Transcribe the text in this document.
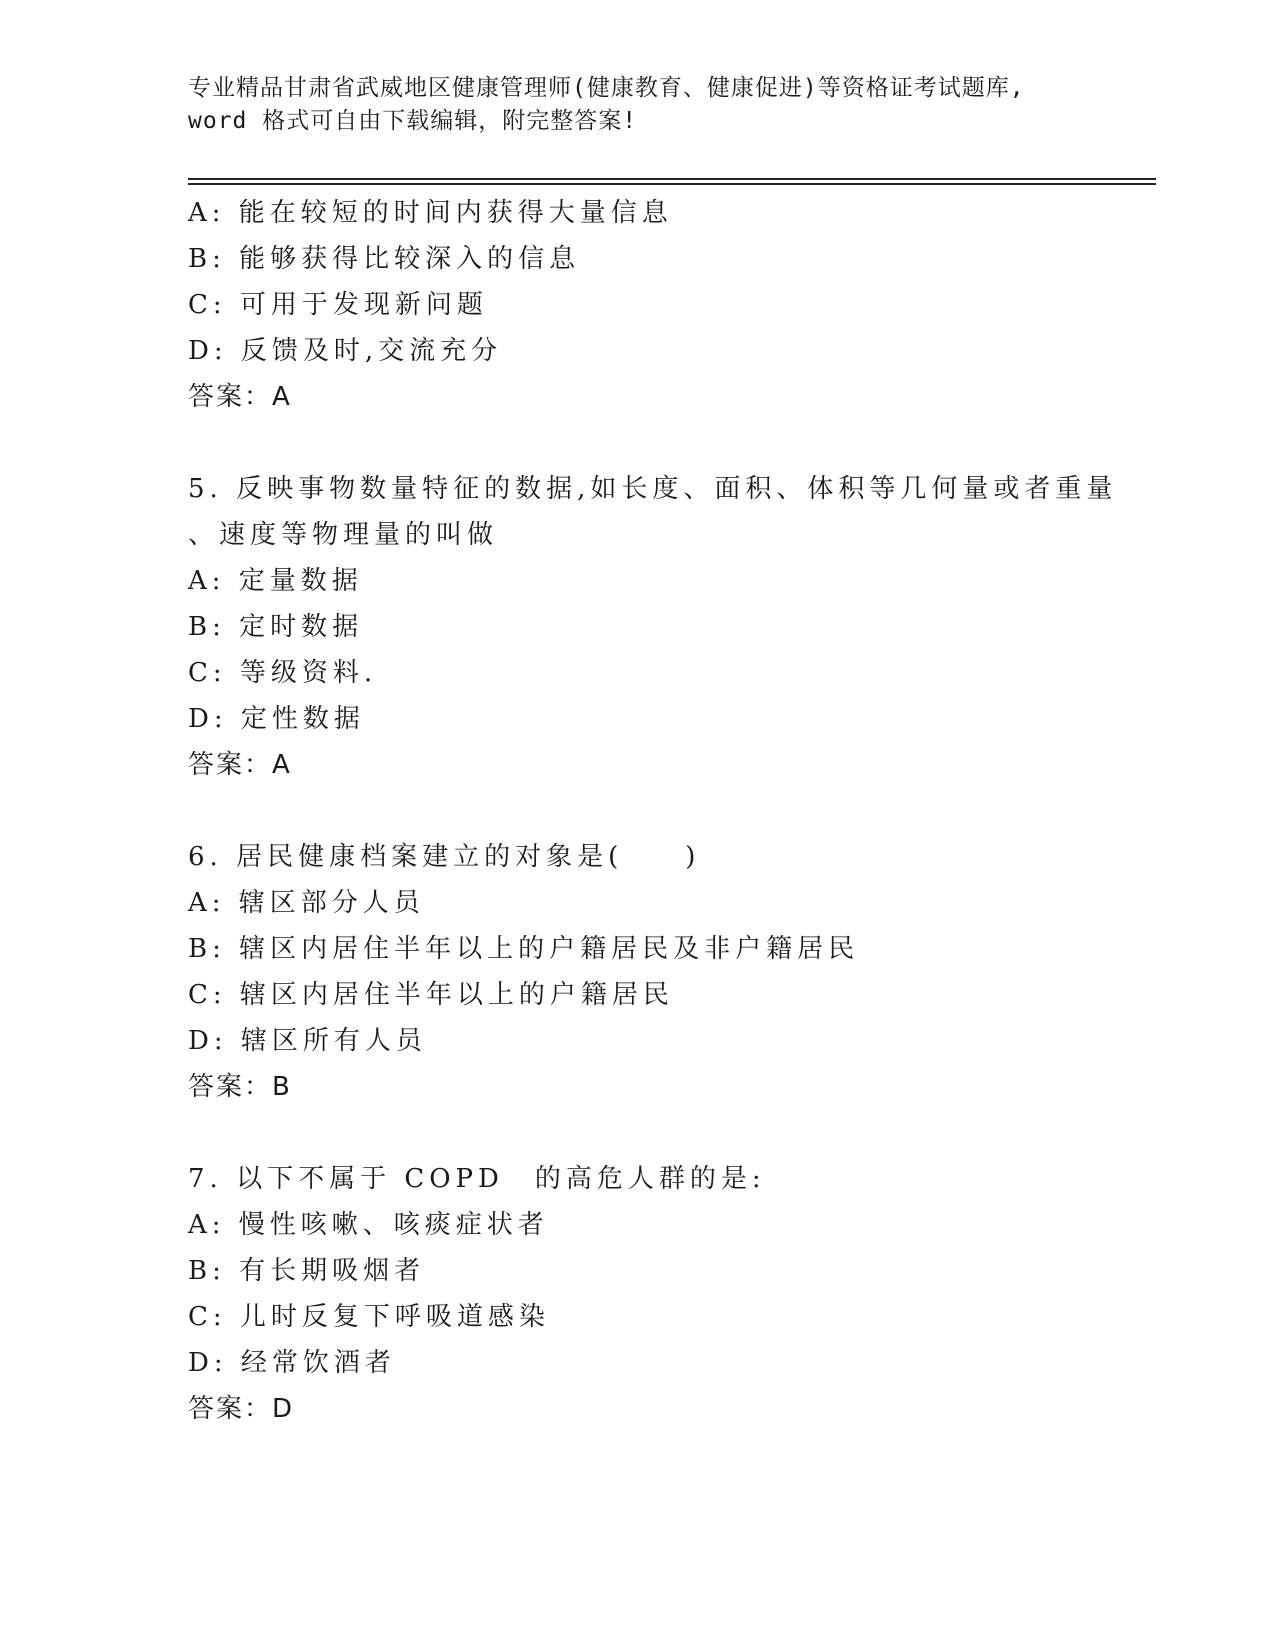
专业精品甘肃省武威地区健康管理师(健康教育、健康促进)等资格证考试题库,
word 格式可自由下载编辑，附完整答案!
A: 能在较短的时间内获得大量信息
B: 能够获得比较深入的信息
C: 可用于发现新问题
D: 反馈及时,交流充分
答案：A
5. 反映事物数量特征的数据,如长度、面积、体积等几何量或者重量
、速度等物理量的叫做
A: 定量数据
B: 定时数据
C: 等级资料.
D: 定性数据
答案：A
6. 居民健康档案建立的对象是(　　)
A: 辖区部分人员
B: 辖区内居住半年以上的户籍居民及非户籍居民
C: 辖区内居住半年以上的户籍居民
D: 辖区所有人员
答案：B
7. 以下不属于 COPD　的高危人群的是:
A: 慢性咳嗽、咳痰症状者
B: 有长期吸烟者
C: 儿时反复下呼吸道感染
D: 经常饮酒者
答案：D
